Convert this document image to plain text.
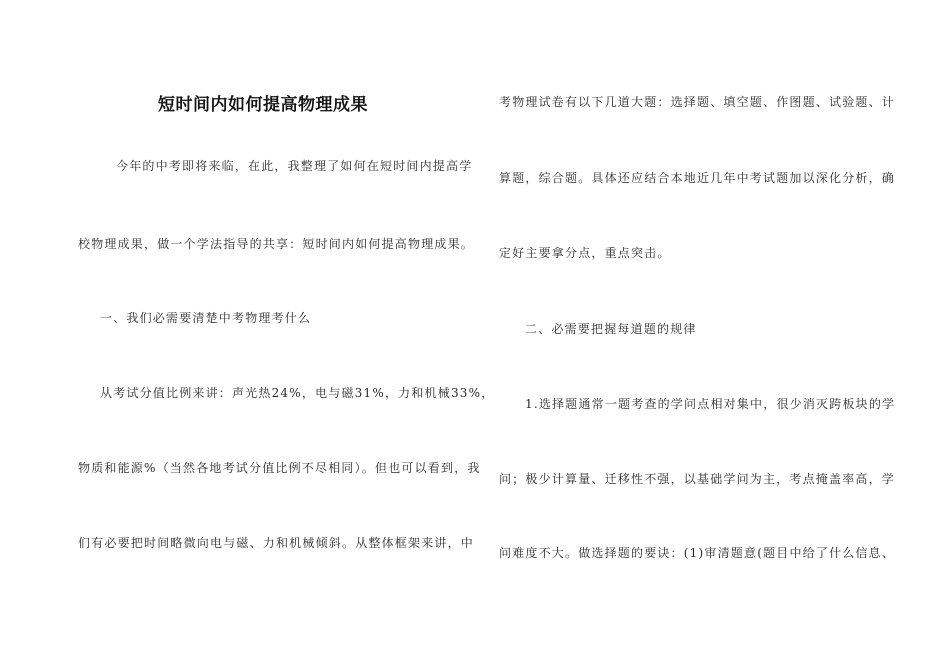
短时间内如何提高物理成果
今年的中考即将来临，在此，我整理了如何在短时间内提高学
校物理成果，做一个学法指导的共享：短时间内如何提高物理成果。
一、我们必需要清楚中考物理考什么
从考试分值比例来讲：声光热24%，电与磁31%，力和机械33%，
物质和能源%（当然各地考试分值比例不尽相同）。但也可以看到，我
们有必要把时间略微向电与磁、力和机械倾斜。从整体框架来讲，中
考物理试卷有以下几道大题：选择题、填空题、作图题、试验题、计
算题，综合题。具体还应结合本地近几年中考试题加以深化分析，确
定好主要拿分点，重点突击。
二、必需要把握每道题的规律
1.选择题通常一题考查的学问点相对集中，很少消灭跨板块的学
问；极少计算量、迁移性不强，以基础学问为主，考点掩盖率高，学
问难度不大。做选择题的要诀：(1)审清题意(题目中给了什么信息、
